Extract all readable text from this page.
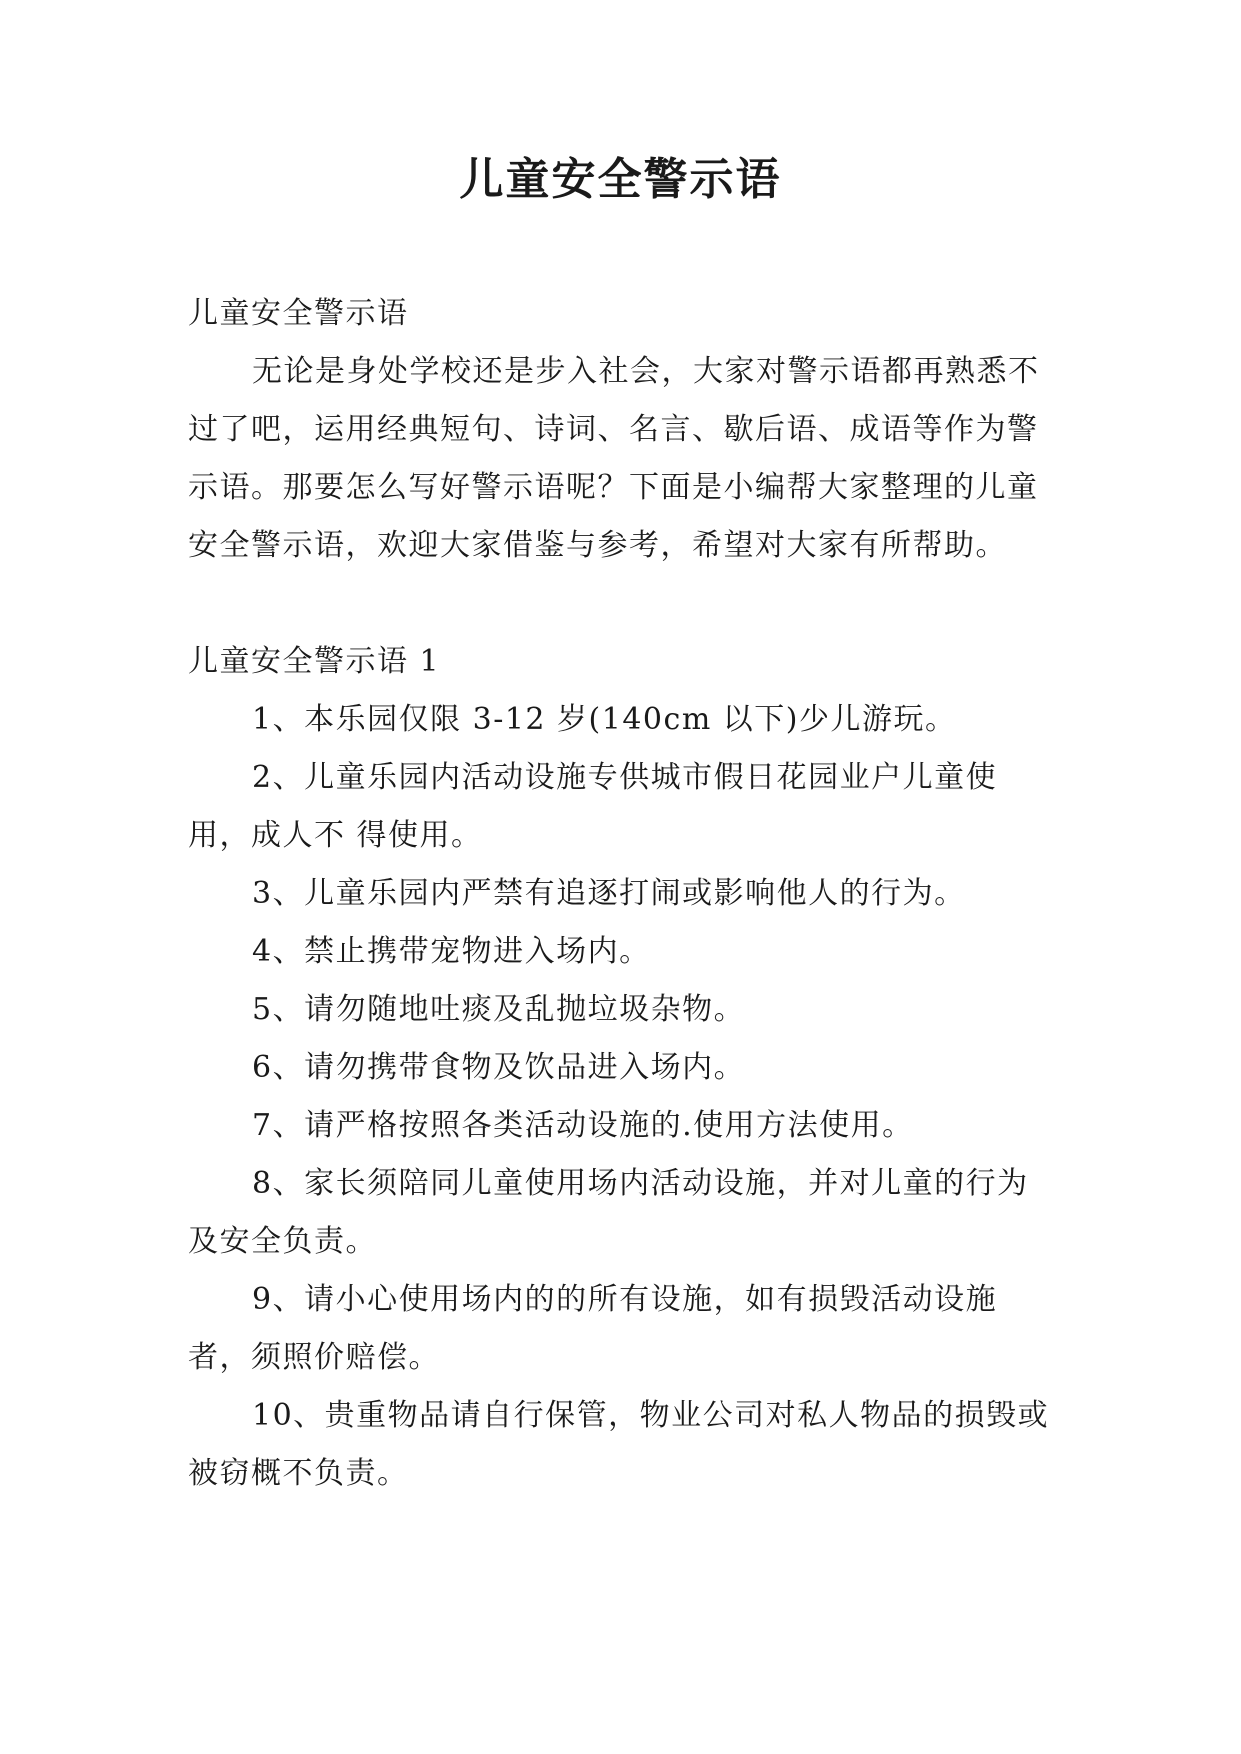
儿童安全警示语

儿童安全警示语

无论是身处学校还是步入社会，大家对警示语都再熟悉不过了吧，运用经典短句、诗词、名言、歇后语、成语等作为警示语。那要怎么写好警示语呢？下面是小编帮大家整理的儿童安全警示语，欢迎大家借鉴与参考，希望对大家有所帮助。

儿童安全警示语 1

1、本乐园仅限 3-12 岁(140cm 以下)少儿游玩。

2、儿童乐园内活动设施专供城市假日花园业户儿童使用，成人不 得使用。

3、儿童乐园内严禁有追逐打闹或影响他人的行为。

4、禁止携带宠物进入场内。

5、请勿随地吐痰及乱抛垃圾杂物。

6、请勿携带食物及饮品进入场内。

7、请严格按照各类活动设施的.使用方法使用。

8、家长须陪同儿童使用场内活动设施，并对儿童的行为及安全负责。

9、请小心使用场内的的所有设施，如有损毁活动设施者，须照价赔偿。

10、贵重物品请自行保管，物业公司对私人物品的损毁或被窃概不负责。
